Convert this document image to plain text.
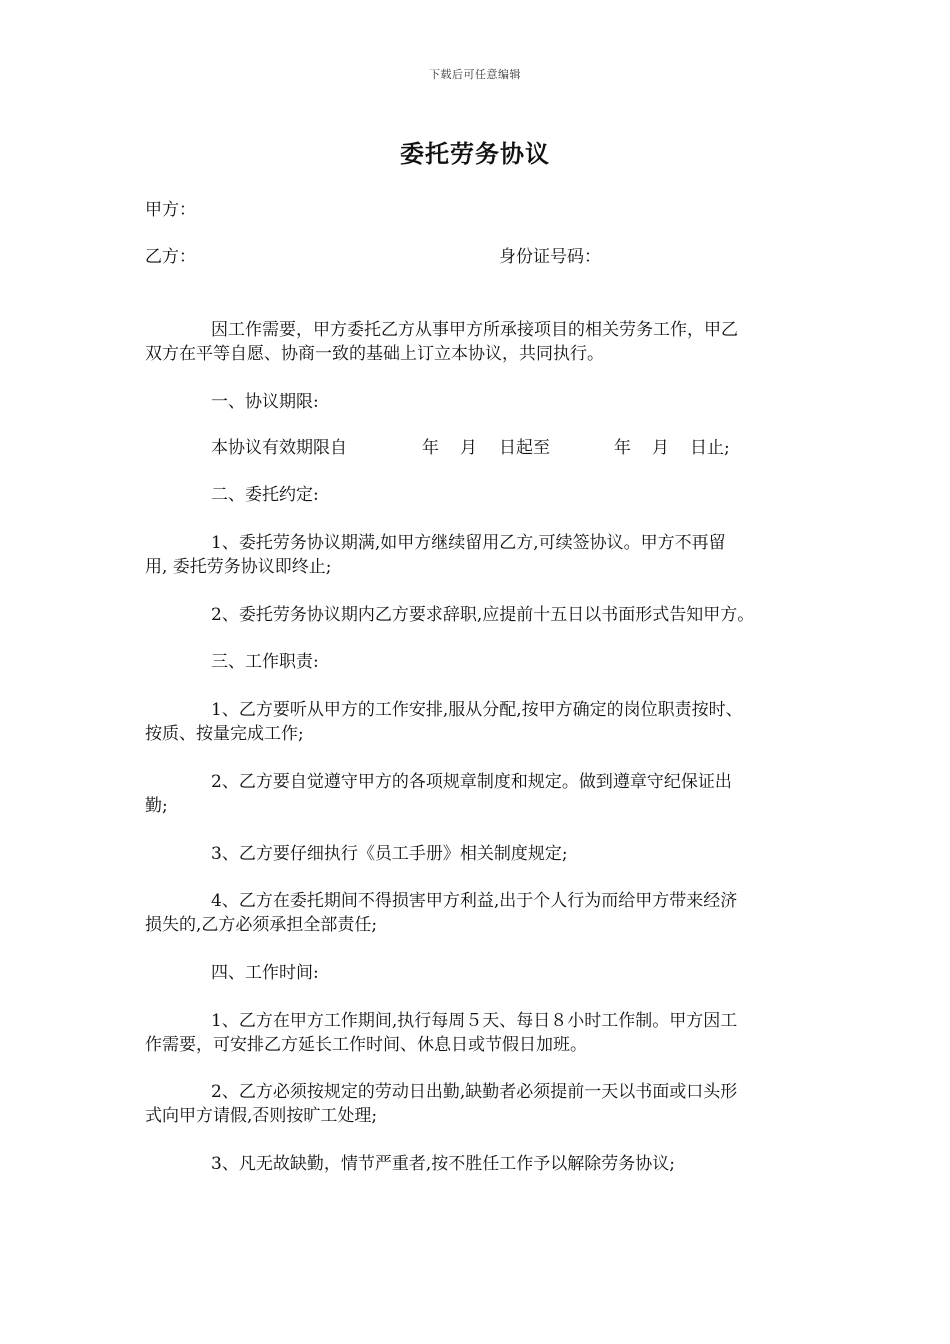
下载后可任意编辑
委托劳务协议
甲方：
乙方：	身份证号码：
因工作需要，甲方委托乙方从事甲方所承接项目的相关劳务工作，甲乙
双方在平等自愿、协商一致的基础上订立本协议，共同执行。
一、协议期限:
本协议有效期限自	年 月 日起至	年 月 日止;
二、委托约定:
1、委托劳务协议期满,如甲方继续留用乙方,可续签协议。甲方不再留
用, 委托劳务协议即终止;
2、委托劳务协议期内乙方要求辞职,应提前十五日以书面形式告知甲方。
三、工作职责:
1、乙方要听从甲方的工作安排,服从分配,按甲方确定的岗位职责按时、
按质、按量完成工作;
2、乙方要自觉遵守甲方的各项规章制度和规定。做到遵章守纪保证出
勤;
3、乙方要仔细执行《员工手册》相关制度规定;
4、乙方在委托期间不得损害甲方利益,出于个人行为而给甲方带来经济
损失的,乙方必须承担全部责任;
四、工作时间:
1、乙方在甲方工作期间,执行每周５天、每日８小时工作制。甲方因工
作需要，可安排乙方延长工作时间、休息日或节假日加班。
2、乙方必须按规定的劳动日出勤,缺勤者必须提前一天以书面或口头形
式向甲方请假,否则按旷工处理;
3、凡无故缺勤，情节严重者,按不胜任工作予以解除劳务协议;
